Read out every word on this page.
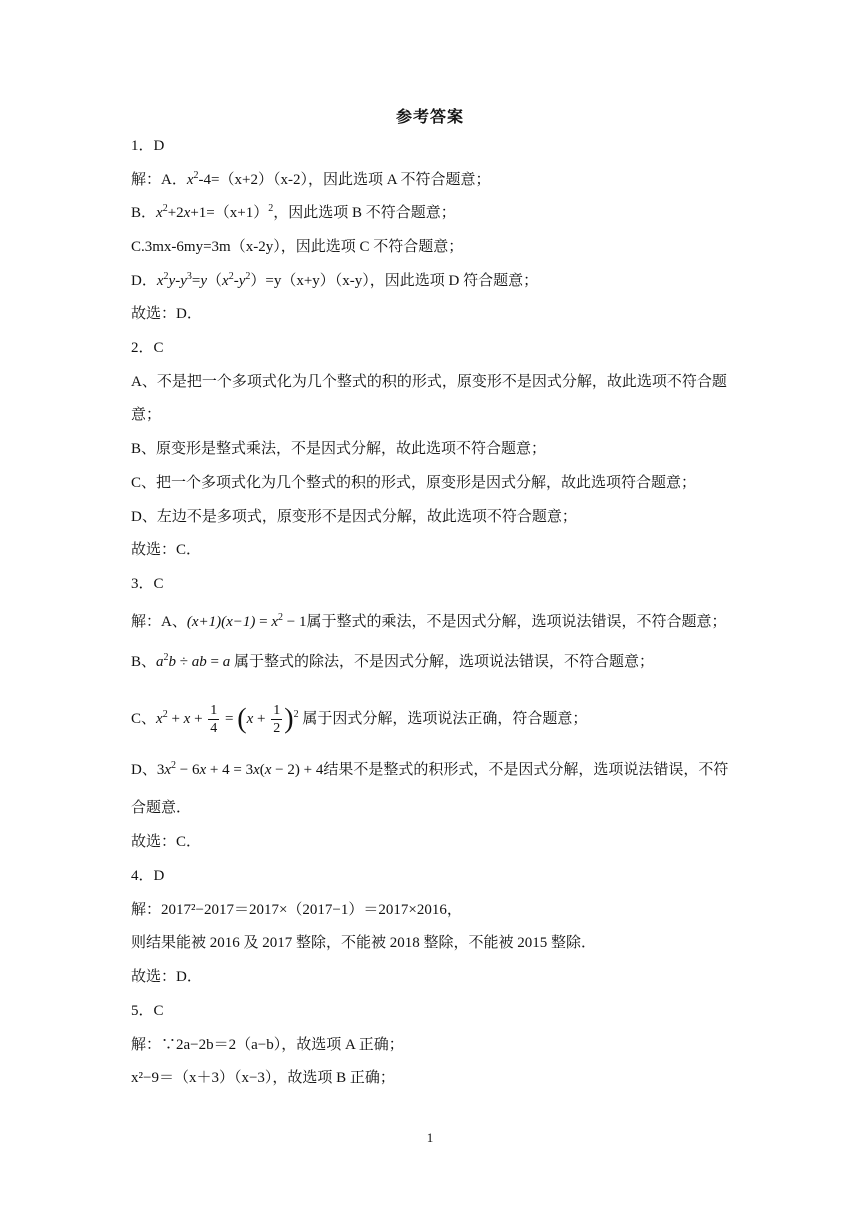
参考答案
1．D
解：A．$x^2-4=(x+2)(x-2)$，因此选项 A 不符合题意；
B．$x^2+2x+1=(x+1)^2$，因此选项 B 不符合题意；
C.3mx-6my=3m（x-2y），因此选项 C 不符合题意；
D．$x^2y-y^3=y(x^2-y^2)=y(x+y)(x-y)$，因此选项 D 符合题意；
故选：D．
2．C
A、不是把一个多项式化为几个整式的积的形式，原变形不是因式分解，故此选项不符合题
意；
B、原变形是整式乘法，不是因式分解，故此选项不符合题意；
C、把一个多项式化为几个整式的积的形式，原变形是因式分解，故此选项符合题意；
D、左边不是多项式，原变形不是因式分解，故此选项不符合题意；
故选：C．
3．C
解：A、$(x+1)(x-1) = x^2 - 1$属于整式的乘法，不是因式分解，选项说法错误，不符合题意；
B、$a^2b$ ÷ ab = a 属于整式的除法，不是因式分解，选项说法错误，不符合题意；
C、$x^2 + x + \frac{1}{4} = (x + \frac{1}{2} )^2$ 属于因式分解，选项说法正确，符合题意；
D、$3x^2 - 6x + 4 = 3x(x - 2) + 4$结果不是整式的积形式，不是因式分解，选项说法错误，不符
合题意．
故选：C．
4．D
解：2017²−2017＝2017×（2017−1）＝2017×2016，
则结果能被 2016 及 2017 整除，不能被 2018 整除，不能被 2015 整除．
故选：D．
5．C
解：∵2a−2b＝2（a−b），故选项 A 正确；
x²−9＝（x＋3）（x−3），故选项 B 正确；
1
